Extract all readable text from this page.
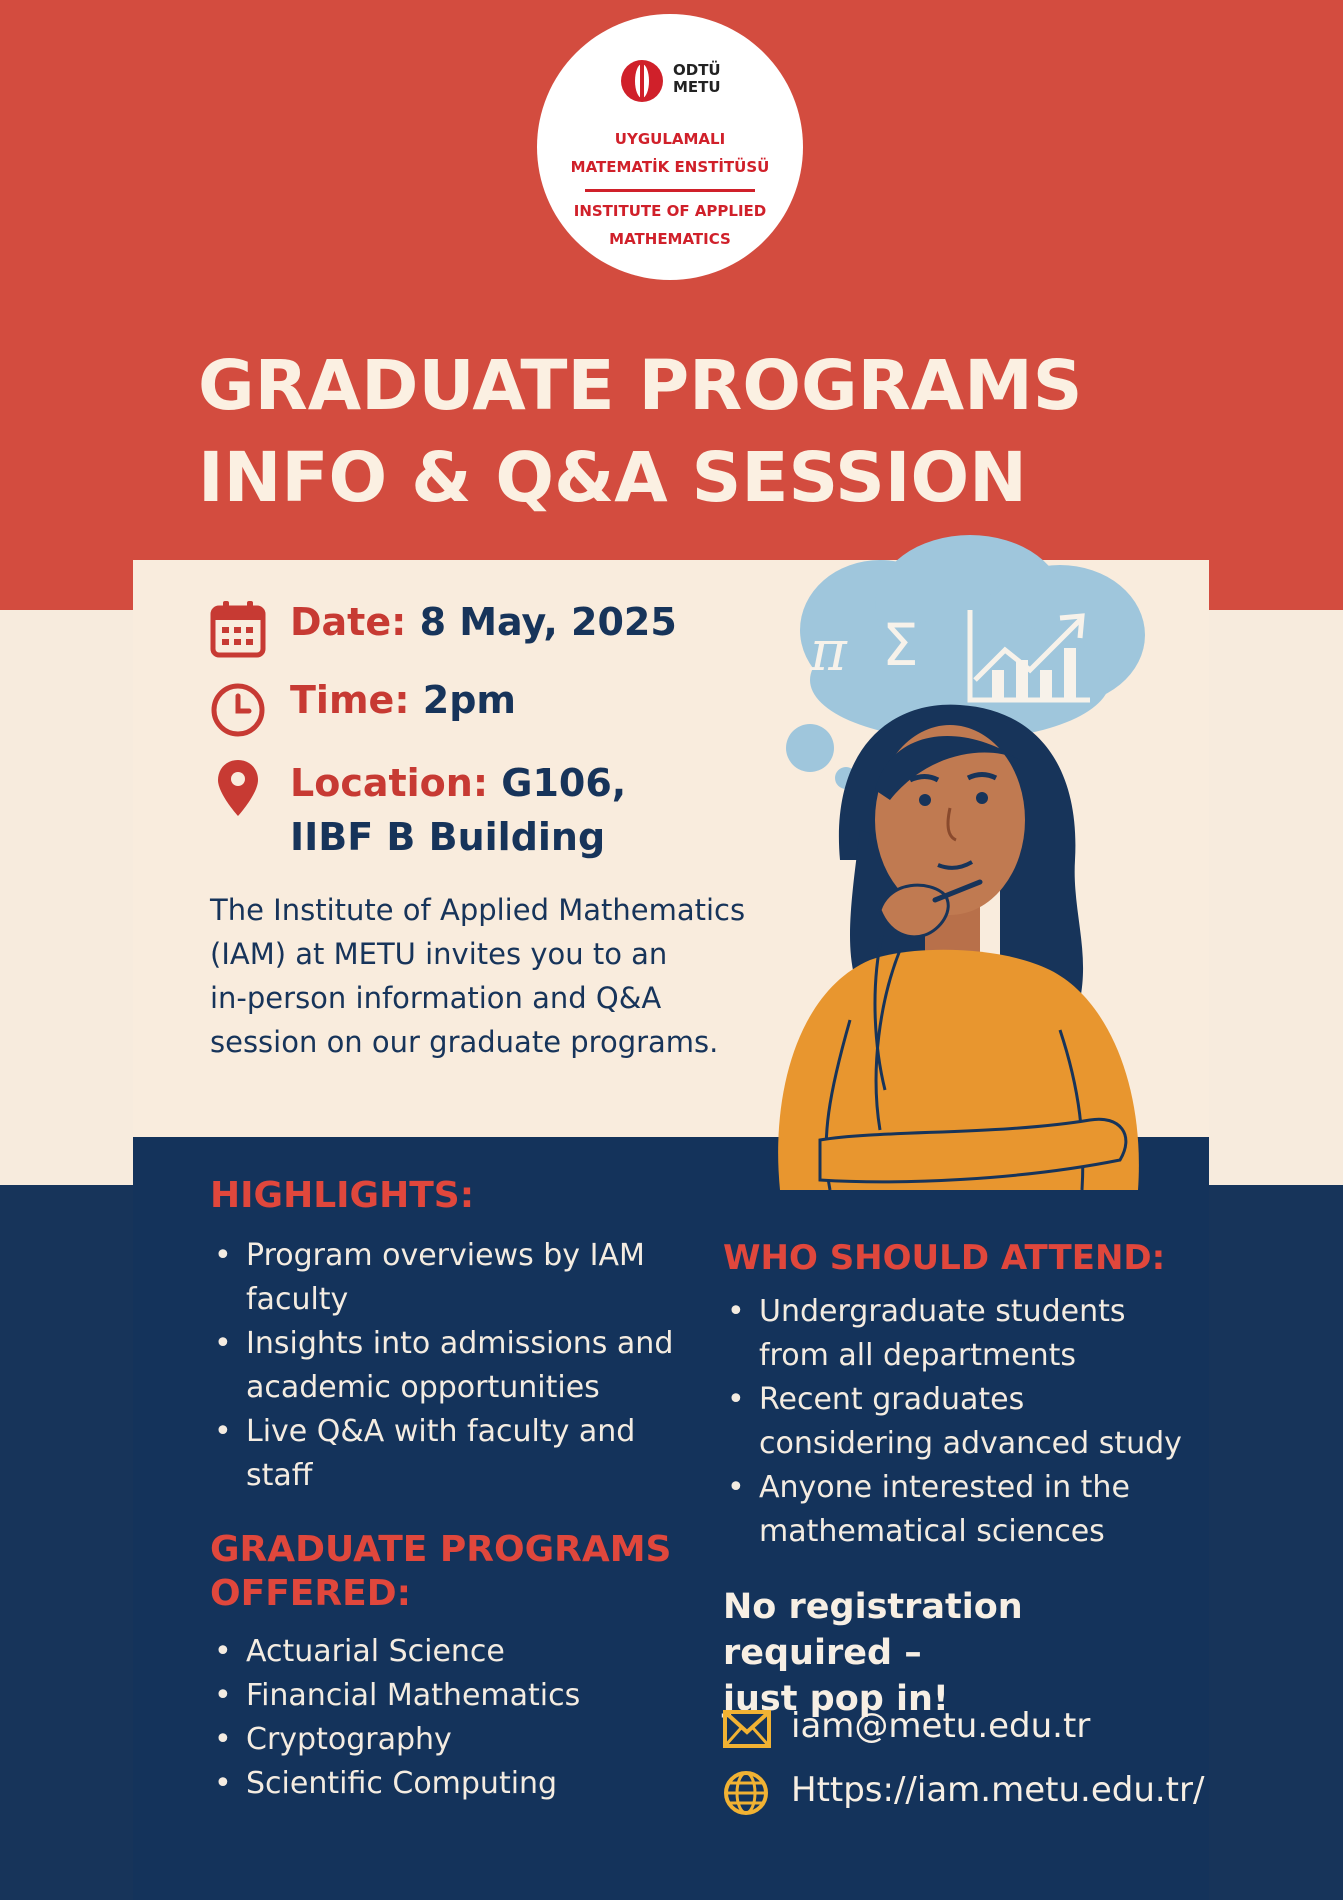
ODTÜ
METU
UYGULAMALI
MATEMATİK ENSTİTÜSÜ
INSTITUTE OF APPLIED
MATHEMATICS
GRADUATE PROGRAMS
INFO & Q&A SESSION
Date: 8 May, 2025
Time: 2pm
Location: G106,
IIBF B Building
The Institute of Applied Mathematics
(IAM) at METU invites you to an
in-person information and Q&A
session on our graduate programs.
π Σ
HIGHLIGHTS:
• Program overviews by IAM
faculty
• Insights into admissions and
academic opportunities
• Live Q&A with faculty and
staff
GRADUATE PROGRAMS
OFFERED:
• Actuarial Science
• Financial Mathematics
• Cryptography
• Scientific Computing
WHO SHOULD ATTEND:
• Undergraduate students
from all departments
• Recent graduates
considering advanced study
• Anyone interested in the
mathematical sciences
No registration required –
just pop in!
iam@metu.edu.tr
Https://iam.metu.edu.tr/
